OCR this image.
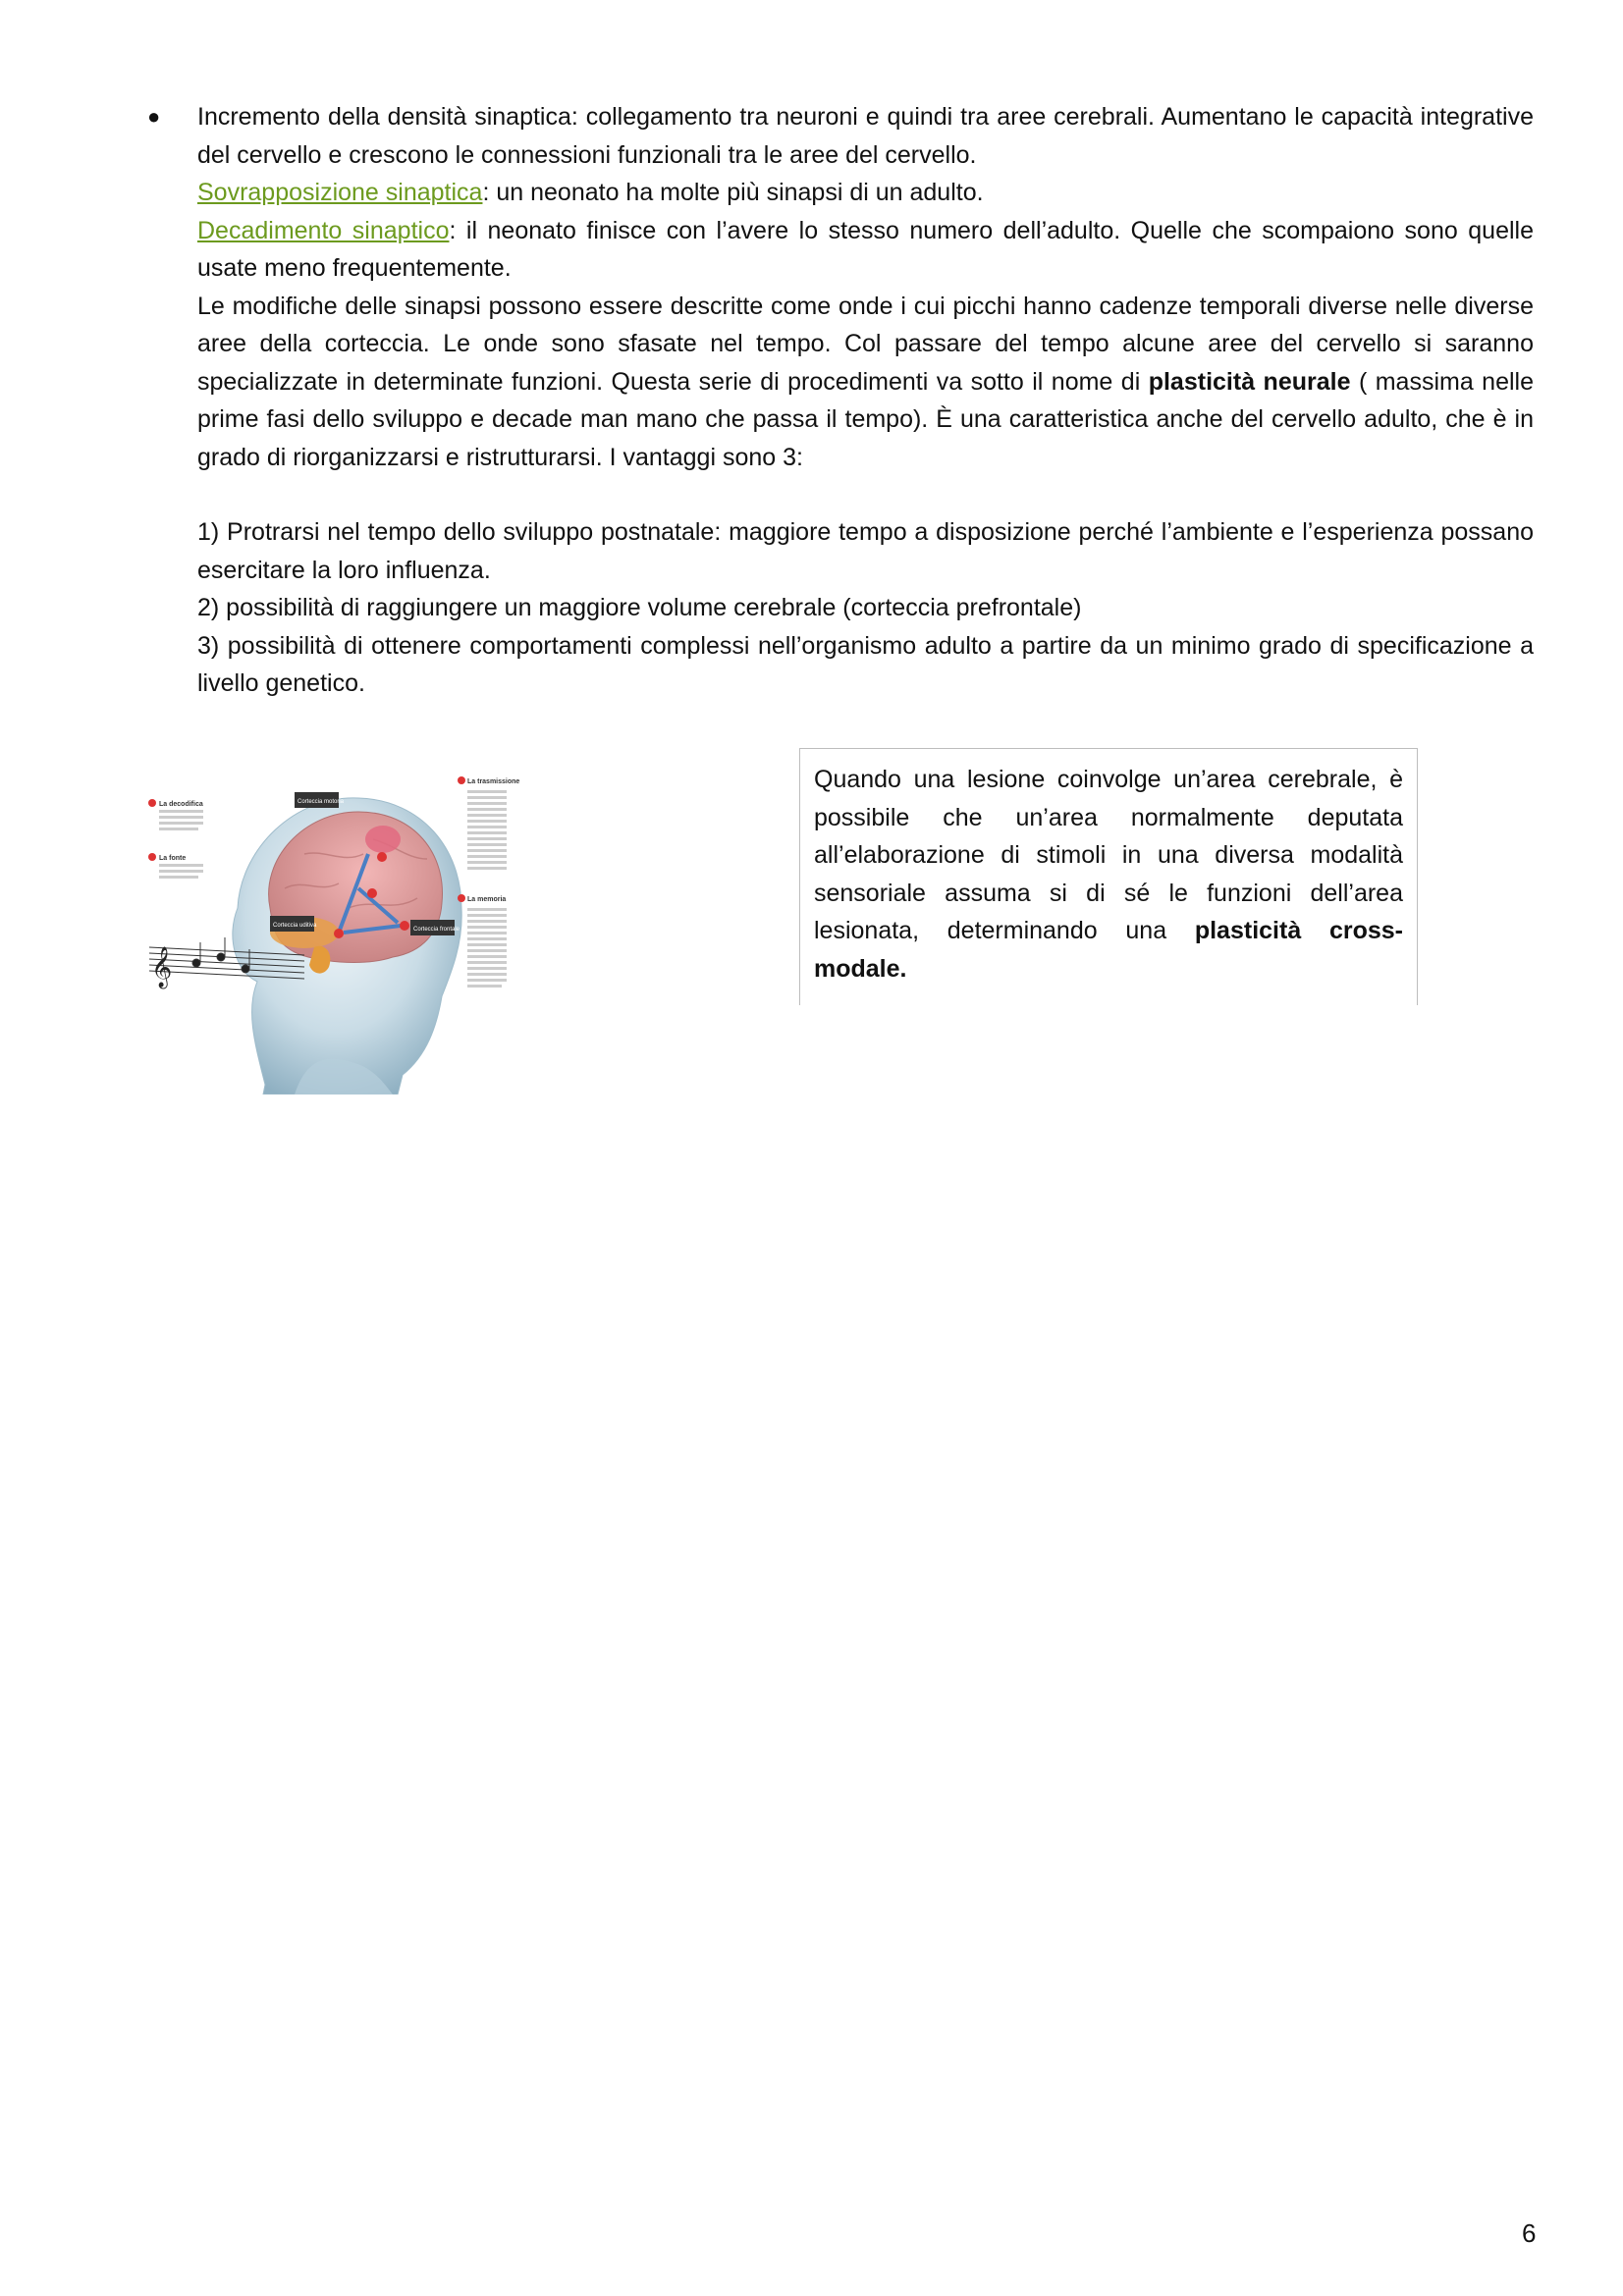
● Incremento della densità sinaptica: collegamento tra neuroni e quindi tra aree cerebrali. Aumentano le capacità integrative del cervello e crescono le connessioni funzionali tra le aree del cervello.

Sovrapposizione sinaptica: un neonato ha molte più sinapsi di un adulto.

Decadimento sinaptico: il neonato finisce con l’avere lo stesso numero dell’adulto. Quelle che scompaiono sono quelle usate meno frequentemente.

Le modifiche delle sinapsi possono essere descritte come onde i cui picchi hanno cadenze temporali diverse nelle diverse aree della corteccia. Le onde sono sfasate nel tempo. Col passare del tempo alcune aree del cervello si saranno specializzate in determinate funzioni. Questa serie di procedimenti va sotto il nome di plasticità neurale ( massima nelle prime fasi dello sviluppo e decade man mano che passa il tempo). È una caratteristica anche del cervello adulto, che è in grado di riorganizzarsi e ristrutturarsi. I vantaggi sono 3:

1) Protrarsi nel tempo dello sviluppo postnatale: maggiore tempo a disposizione perché l’ambiente e l’esperienza possano esercitare la loro influenza.

2) possibilità di raggiungere un maggiore volume cerebrale (corteccia prefrontale)

3) possibilità di ottenere comportamenti complessi nell’organismo adulto a partire da un minimo grado di specificazione a livello genetico.

𝄞
La decodifica
La fonte
La trasmissione
La memoria
Corteccia motoria
Corteccia uditiva
Corteccia frontale
Quando una lesione coinvolge un’area cerebrale, è possibile che un’area normalmente deputata all’elaborazione di stimoli in una diversa modalità sensoriale assuma si di sé le funzioni dell’area lesionata, determinando una plasticità cross-modale.
6
